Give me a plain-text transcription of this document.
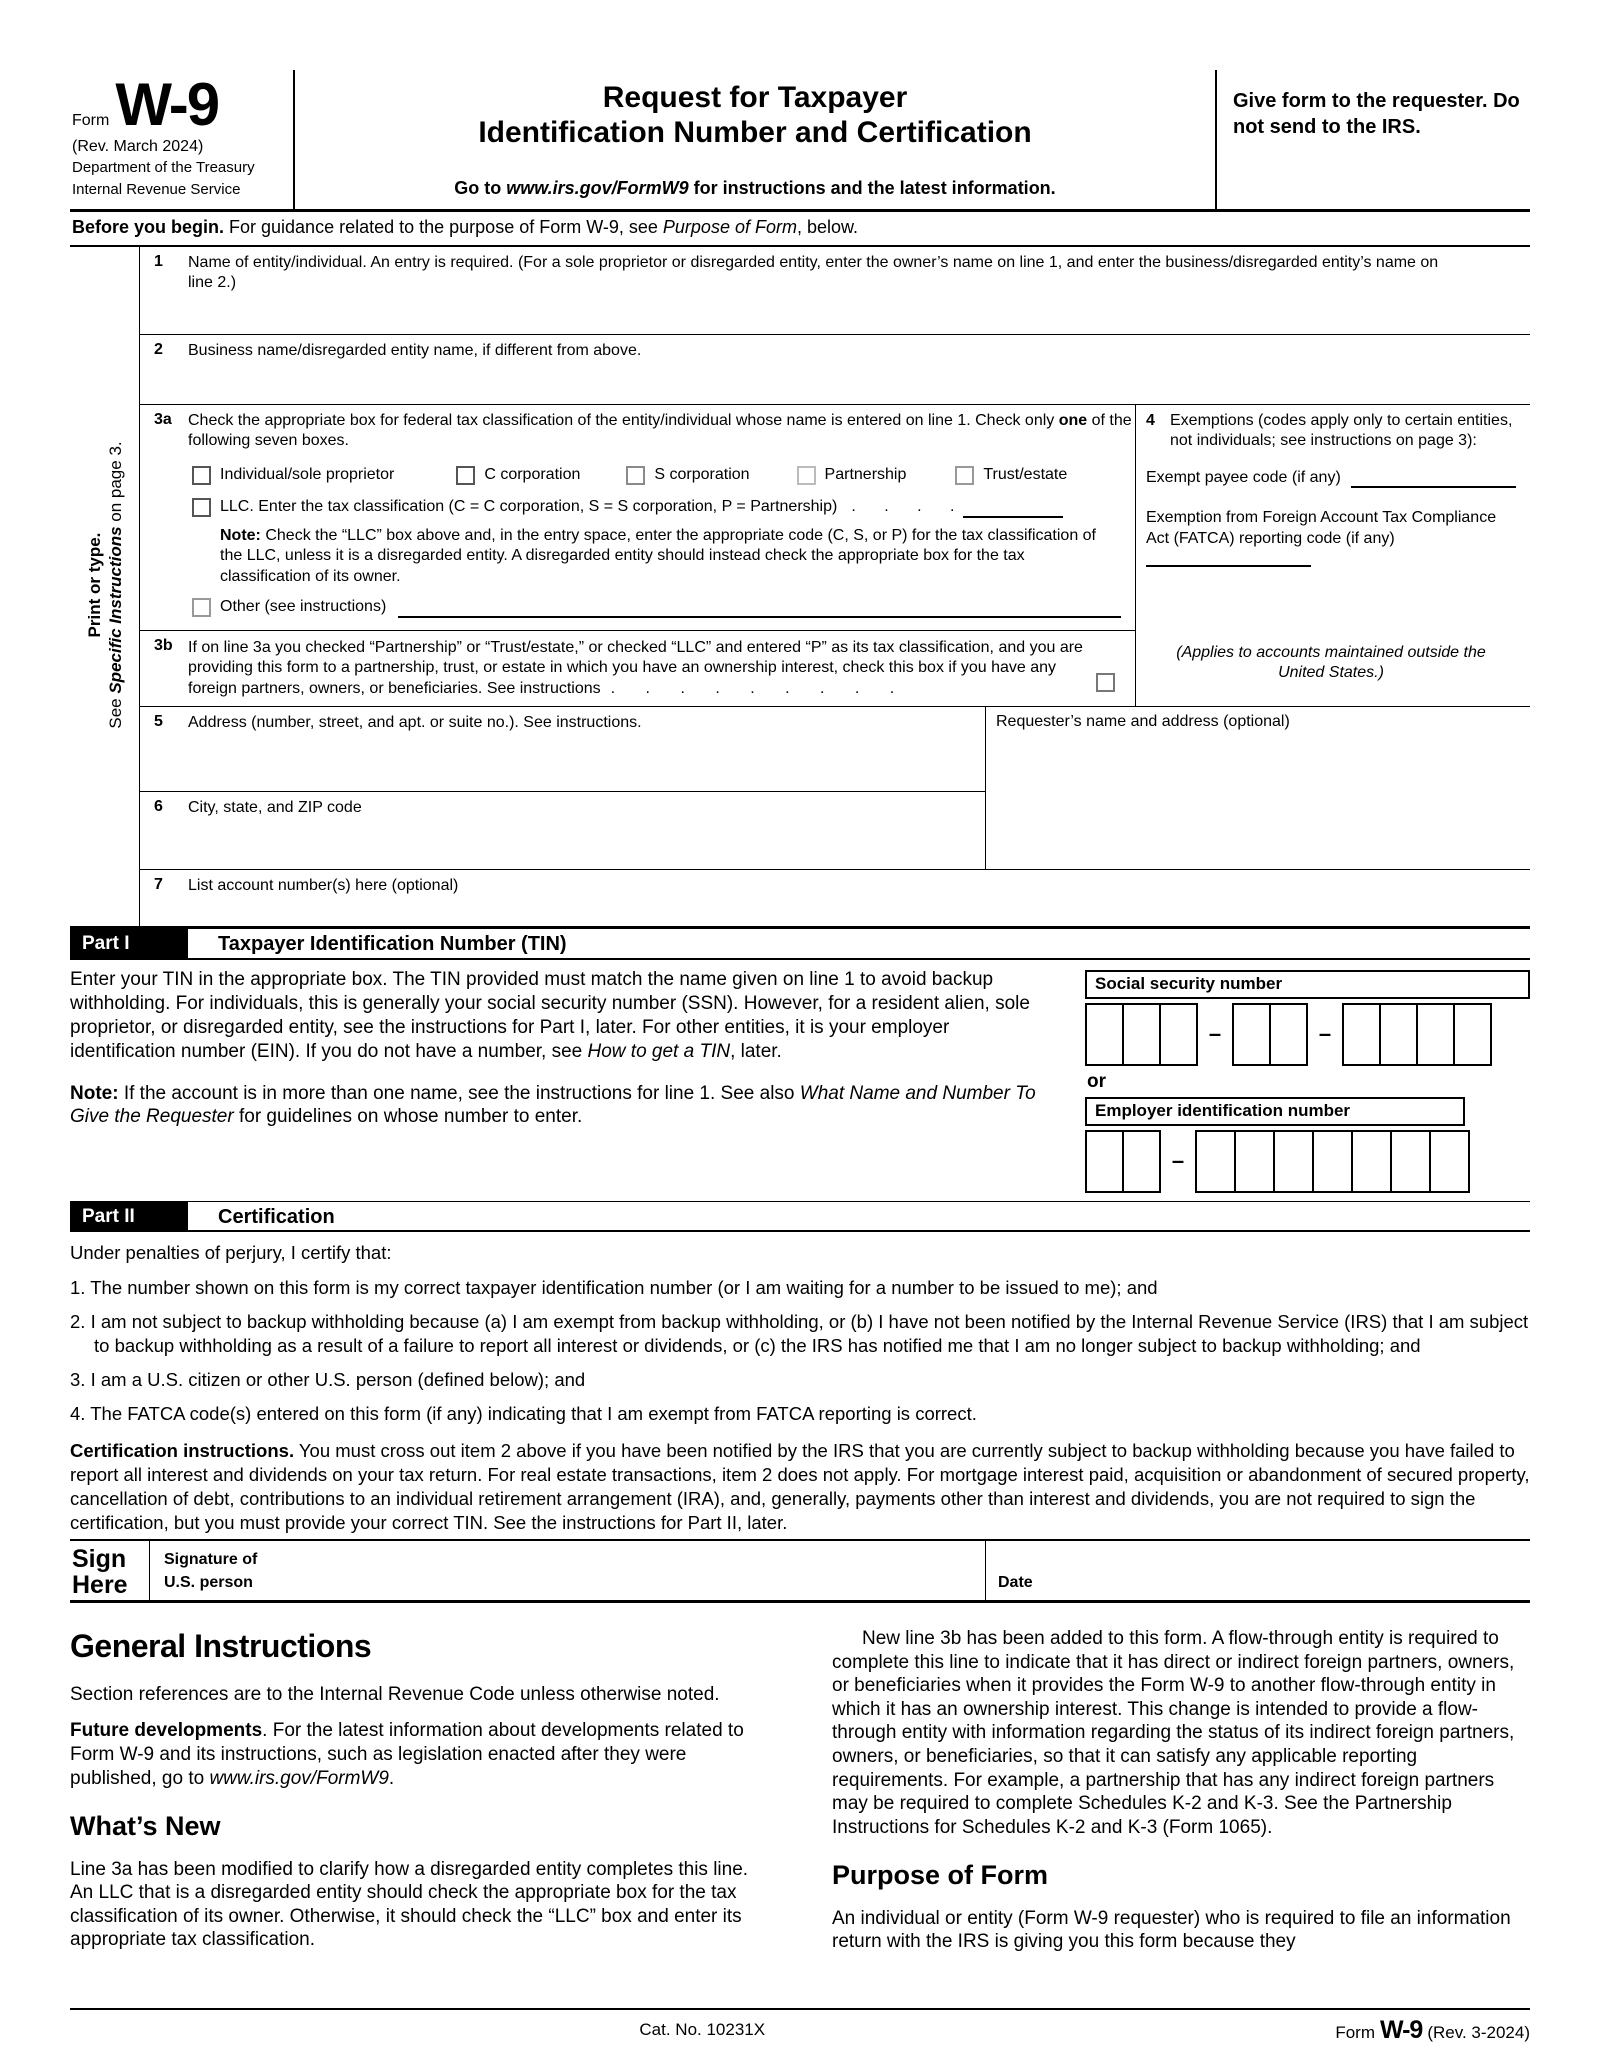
Form W-9
(Rev. March 2024)
Department of the Treasury
Internal Revenue Service
Request for Taxpayer
Identification Number and Certification
Go to www.irs.gov/FormW9 for instructions and the latest information.
Give form to the requester. Do not send to the IRS.
Before you begin. For guidance related to the purpose of Form W-9, see Purpose of Form, below.
Print or type.
See Specific Instructions on page 3.
1	Name of entity/individual. An entry is required. (For a sole proprietor or disregarded entity, enter the owner’s name on line 1, and enter the business/disregarded entity’s name on line 2.)
2	Business name/disregarded entity name, if different from above.
3a	Check the appropriate box for federal tax classification of the entity/individual whose name is entered on line 1. Check only one of the following seven boxes.
Individual/sole proprietor	C corporation	S corporation	Partnership	Trust/estate
LLC. Enter the tax classification (C = C corporation, S = S corporation, P = Partnership) . . . .
Note: Check the “LLC” box above and, in the entry space, enter the appropriate code (C, S, or P) for the tax classification of the LLC, unless it is a disregarded entity. A disregarded entity should instead check the appropriate box for the tax classification of its owner.
Other (see instructions)
3b If on line 3a you checked “Partnership” or “Trust/estate,” or checked “LLC” and entered “P” as its tax classification, and you are providing this form to a partnership, trust, or estate in which you have an ownership interest, check this box if you have any foreign partners, owners, or beneficiaries. See instructions . . . . . . . . .
4 Exemptions (codes apply only to certain entities, not individuals; see instructions on page 3):
Exempt payee code (if any)
Exemption from Foreign Account Tax Compliance Act (FATCA) reporting code (if any)
(Applies to accounts maintained outside the United States.)
5	Address (number, street, and apt. or suite no.). See instructions.
6	City, state, and ZIP code
Requester’s name and address (optional)
7	List account number(s) here (optional)
Part I	Taxpayer Identification Number (TIN)
Enter your TIN in the appropriate box. The TIN provided must match the name given on line 1 to avoid backup withholding. For individuals, this is generally your social security number (SSN). However, for a resident alien, sole proprietor, or disregarded entity, see the instructions for Part I, later. For other entities, it is your employer identification number (EIN). If you do not have a number, see How to get a TIN, later.
Note: If the account is in more than one name, see the instructions for line 1. See also What Name and Number To Give the Requester for guidelines on whose number to enter.
Social security number
–	–
or
Employer identification number
–
Part II	Certification
Under penalties of perjury, I certify that:
1. The number shown on this form is my correct taxpayer identification number (or I am waiting for a number to be issued to me); and
2. I am not subject to backup withholding because (a) I am exempt from backup withholding, or (b) I have not been notified by the Internal Revenue Service (IRS) that I am subject to backup withholding as a result of a failure to report all interest or dividends, or (c) the IRS has notified me that I am no longer subject to backup withholding; and
3. I am a U.S. citizen or other U.S. person (defined below); and
4. The FATCA code(s) entered on this form (if any) indicating that I am exempt from FATCA reporting is correct.
Certification instructions. You must cross out item 2 above if you have been notified by the IRS that you are currently subject to backup withholding because you have failed to report all interest and dividends on your tax return. For real estate transactions, item 2 does not apply. For mortgage interest paid, acquisition or abandonment of secured property, cancellation of debt, contributions to an individual retirement arrangement (IRA), and, generally, payments other than interest and dividends, you are not required to sign the certification, but you must provide your correct TIN. See the instructions for Part II, later.
Sign
Here
Signature of
U.S. person	Date
General Instructions

Section references are to the Internal Revenue Code unless otherwise noted.

Future developments. For the latest information about developments related to Form W-9 and its instructions, such as legislation enacted after they were published, go to www.irs.gov/FormW9.

What’s New

Line 3a has been modified to clarify how a disregarded entity completes this line. An LLC that is a disregarded entity should check the appropriate box for the tax classification of its owner. Otherwise, it should check the “LLC” box and enter its appropriate tax classification.

New line 3b has been added to this form. A flow-through entity is required to complete this line to indicate that it has direct or indirect foreign partners, owners, or beneficiaries when it provides the Form W-9 to another flow-through entity in which it has an ownership interest. This change is intended to provide a flow-through entity with information regarding the status of its indirect foreign partners, owners, or beneficiaries, so that it can satisfy any applicable reporting requirements. For example, a partnership that has any indirect foreign partners may be required to complete Schedules K-2 and K-3. See the Partnership Instructions for Schedules K-2 and K-3 (Form 1065).

Purpose of Form

An individual or entity (Form W-9 requester) who is required to file an information return with the IRS is giving you this form because they

Cat. No. 10231X	Form W-9 (Rev. 3-2024)
